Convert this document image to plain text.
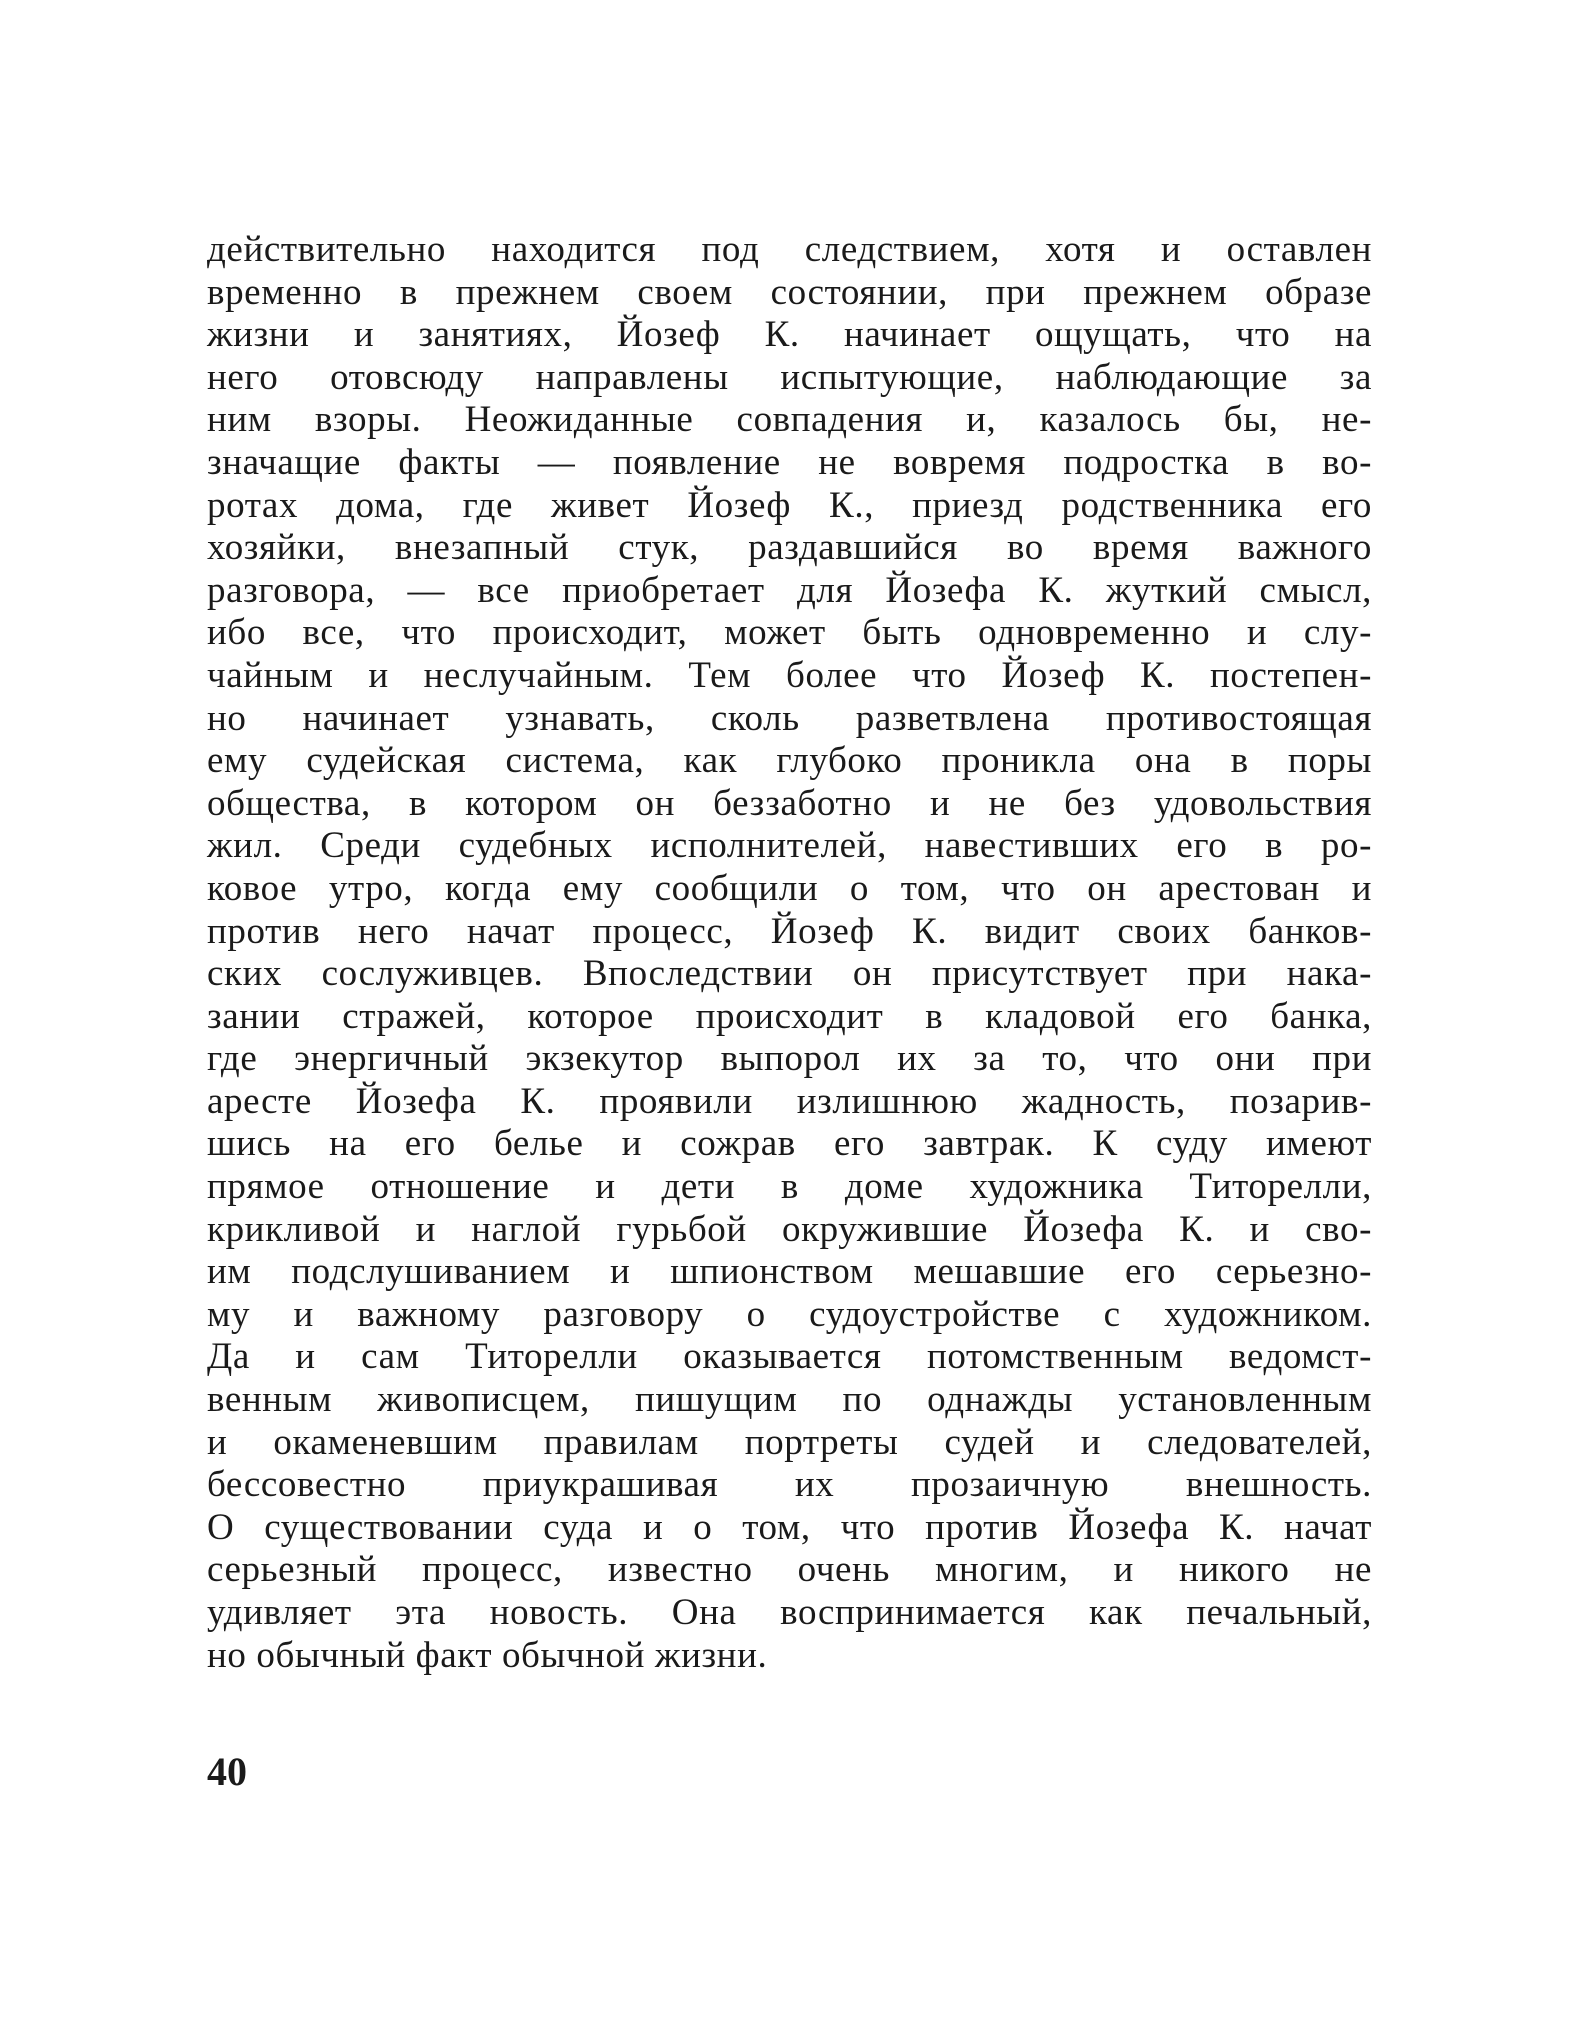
действительно находится под следствием, хотя и оставлен
временно в прежнем своем состоянии, при прежнем образе
жизни и занятиях, Йозеф К. начинает ощущать, что на
него отовсюду направлены испытующие, наблюдающие за
ним взоры. Неожиданные совпадения и, казалось бы, не-
значащие факты — появление не вовремя подростка в во-
ротах дома, где живет Йозеф К., приезд родственника его
хозяйки, внезапный стук, раздавшийся во время важного
разговора, — все приобретает для Йозефа К. жуткий смысл,
ибо все, что происходит, может быть одновременно и слу-
чайным и неслучайным. Тем более что Йозеф К. постепен-
но начинает узнавать, сколь разветвлена противостоящая
ему судейская система, как глубоко проникла она в поры
общества, в котором он беззаботно и не без удовольствия
жил. Среди судебных исполнителей, навестивших его в ро-
ковое утро, когда ему сообщили о том, что он арестован и
против него начат процесс, Йозеф К. видит своих банков-
ских сослуживцев. Впоследствии он присутствует при нака-
зании стражей, которое происходит в кладовой его банка,
где энергичный экзекутор выпорол их за то, что они при
аресте Йозефа К. проявили излишнюю жадность, позарив-
шись на его белье и сожрав его завтрак. К суду имеют
прямое отношение и дети в доме художника Титорелли,
крикливой и наглой гурьбой окружившие Йозефа К. и сво-
им подслушиванием и шпионством мешавшие его серьезно-
му и важному разговору о судоустройстве с художником.
Да и сам Титорелли оказывается потомственным ведомст-
венным живописцем, пишущим по однажды установленным
и окаменевшим правилам портреты судей и следователей,
бессовестно приукрашивая их прозаичную внешность.
О существовании суда и о том, что против Йозефа К. начат
серьезный процесс, известно очень многим, и никого не
удивляет эта новость. Она воспринимается как печальный,
но обычный факт обычной жизни.
40
